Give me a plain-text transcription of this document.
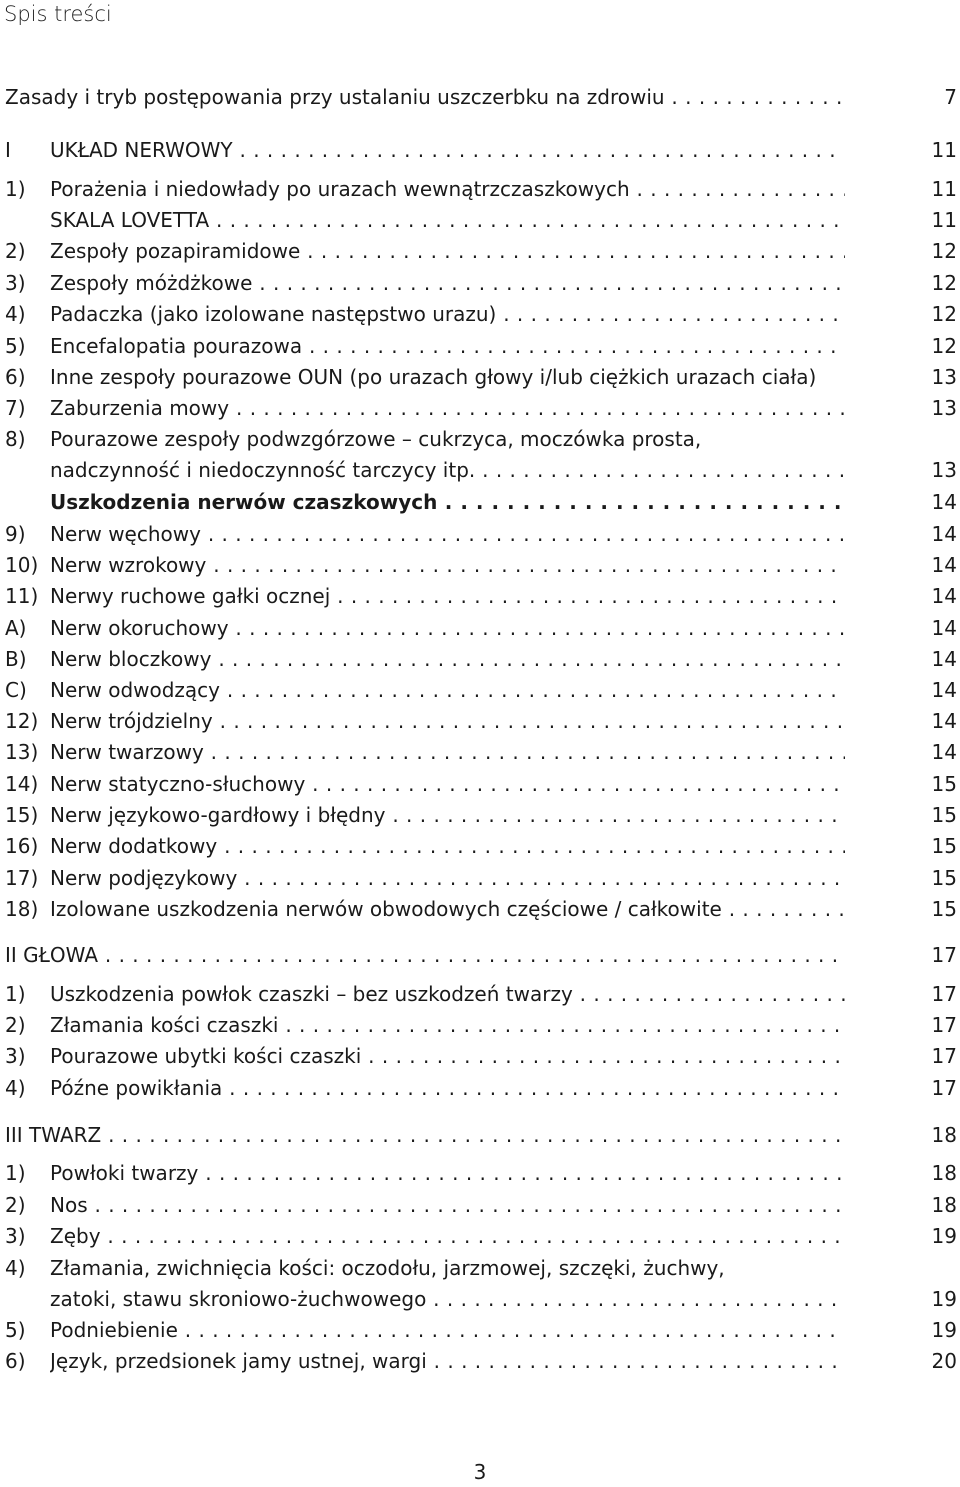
Spis treści
Zasady i tryb postępowania przy ustalaniu uszczerbku na zdrowiu . . .	7
I UKŁAD NERWOWY . . .	11
1) Porażenia i niedowłady po urazach wewnątrzczaszkowych . . .	11
SKALA LOVETTA . . .	11
2) Zespoły pozapiramidowe . . .	12
3) Zespoły móżdżkowe . . .	12
4) Padaczka (jako izolowane następstwo urazu) . . .	12
5) Encefalopatia pourazowa . . .	12
6) Inne zespoły pourazowe OUN (po urazach głowy i/lub ciężkich urazach ciała)	13
7) Zaburzenia mowy . . .	13
8) Pourazowe zespoły podwzgórzowe – cukrzyca, moczówka prosta,
nadczynność i niedoczynność tarczycy itp. . . .	13
Uszkodzenia nerwów czaszkowych . . .	14
9) Nerw węchowy . . .	14
10) Nerw wzrokowy . . .	14
11) Nerwy ruchowe gałki ocznej . . .	14
A) Nerw okoruchowy . . .	14
B) Nerw bloczkowy . . .	14
C) Nerw odwodzący . . .	14
12) Nerw trójdzielny . . .	14
13) Nerw twarzowy . . .	14
14) Nerw statyczno-słuchowy . . .	15
15) Nerw językowo-gardłowy i błędny . . .	15
16) Nerw dodatkowy . . .	15
17) Nerw podjęzykowy . . .	15
18) Izolowane uszkodzenia nerwów obwodowych częściowe / całkowite . . .	15
II GŁOWA . . .	17
1) Uszkodzenia powłok czaszki – bez uszkodzeń twarzy . . .	17
2) Złamania kości czaszki . . .	17
3) Pourazowe ubytki kości czaszki . . .	17
4) Późne powikłania . . .	17
III TWARZ . . .	18
1) Powłoki twarzy . . .	18
2) Nos . . .	18
3) Zęby . . .	19
4) Złamania, zwichnięcia kości: oczodołu, jarzmowej, szczęki, żuchwy,
zatoki, stawu skroniowo-żuchwowego . . .	19
5) Podniebienie . . .	19
6) Język, przedsionek jamy ustnej, wargi . . .	20
3
